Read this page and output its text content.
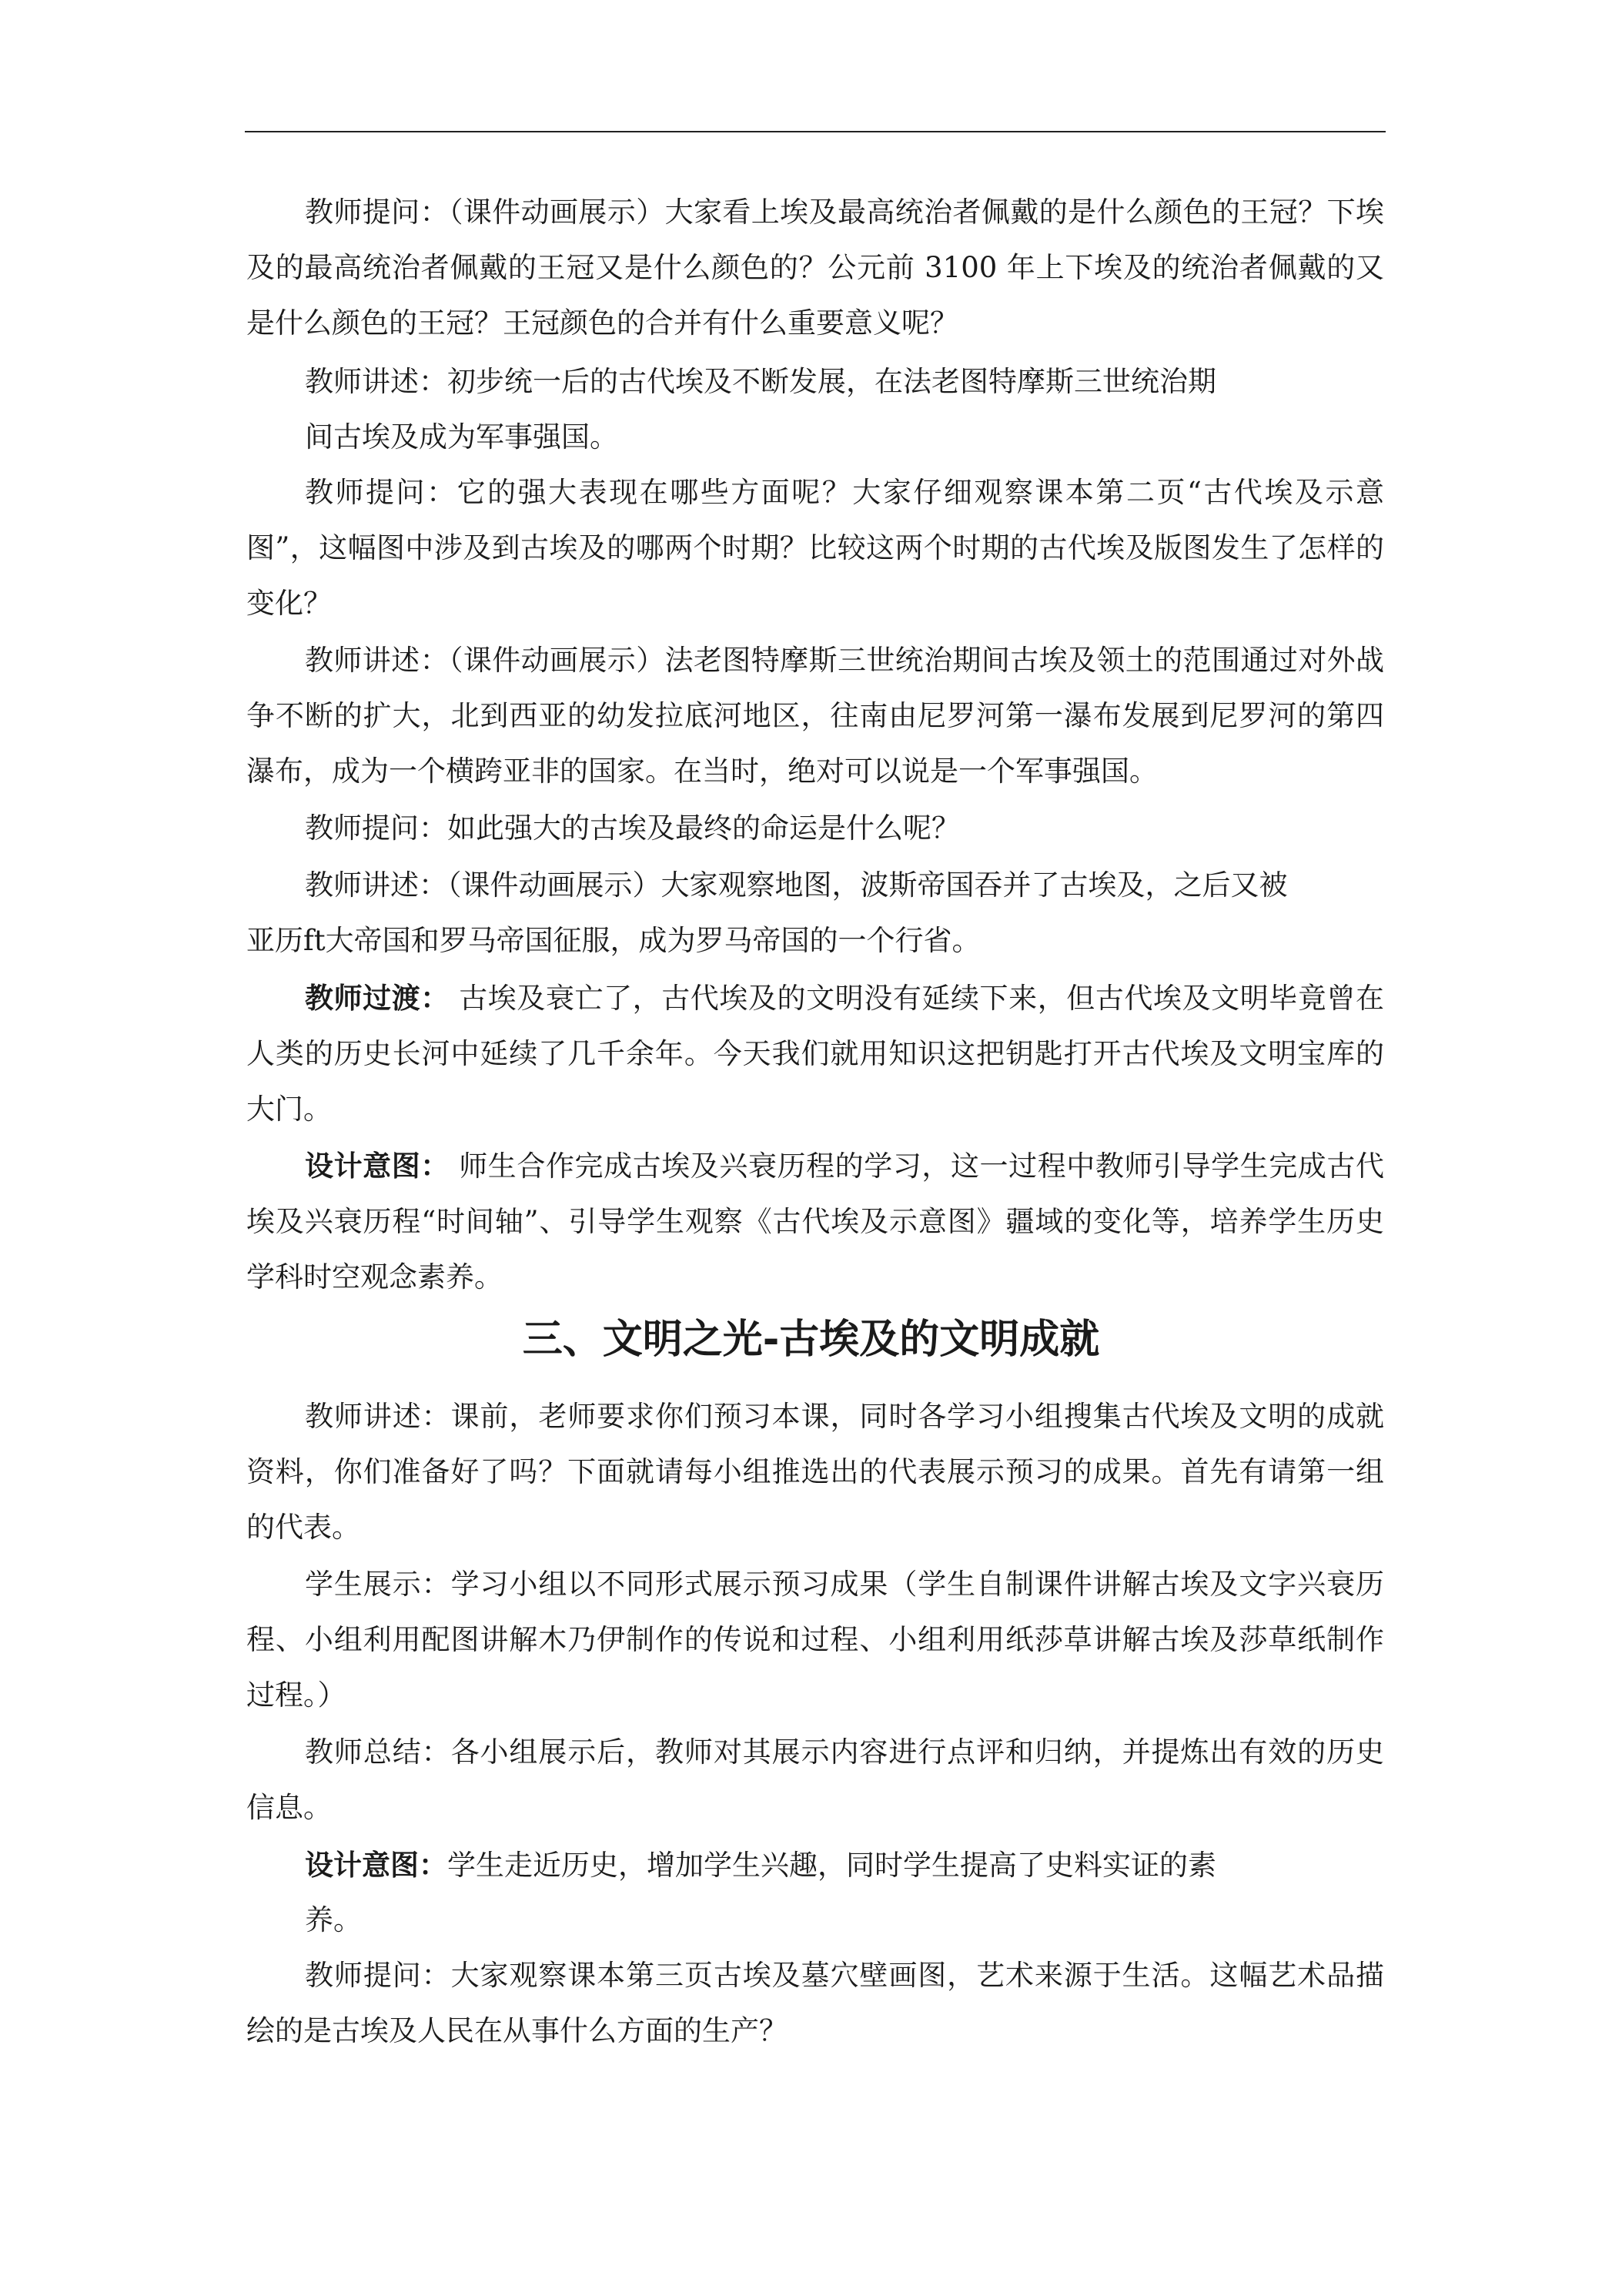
教师提问：（课件动画展示）大家看上埃及最高统治者佩戴的是什么颜色的王冠？下埃及的最高统治者佩戴的王冠又是什么颜色的？公元前 3100 年上下埃及的统治者佩戴的又是什么颜色的王冠？王冠颜色的合并有什么重要意义呢？
教师讲述：初步统一后的古代埃及不断发展，在法老图特摩斯三世统治期
间古埃及成为军事强国。
教师提问：它的强大表现在哪些方面呢？大家仔细观察课本第二页“古代埃及示意图”，这幅图中涉及到古埃及的哪两个时期？比较这两个时期的古代埃及版图发生了怎样的变化？
教师讲述：（课件动画展示）法老图特摩斯三世统治期间古埃及领土的范围通过对外战争不断的扩大，北到西亚的幼发拉底河地区，往南由尼罗河第一瀑布发展到尼罗河的第四瀑布，成为一个横跨亚非的国家。在当时，绝对可以说是一个军事强国。
教师提问：如此强大的古埃及最终的命运是什么呢？
教师讲述：（课件动画展示）大家观察地图，波斯帝国吞并了古埃及，之后又被
亚历ft大帝国和罗马帝国征服，成为罗马帝国的一个行省。
教师过渡： 古埃及衰亡了，古代埃及的文明没有延续下来，但古代埃及文明毕竟曾在人类的历史长河中延续了几千余年。今天我们就用知识这把钥匙打开古代埃及文明宝库的大门。
设计意图： 师生合作完成古埃及兴衰历程的学习，这一过程中教师引导学生完成古代埃及兴衰历程“时间轴”、引导学生观察《古代埃及示意图》疆域的变化等，培养学生历史学科时空观念素养。
三、文明之光-古埃及的文明成就
教师讲述：课前，老师要求你们预习本课，同时各学习小组搜集古代埃及文明的成就资料，你们准备好了吗？下面就请每小组推选出的代表展示预习的成果。首先有请第一组的代表。
学生展示：学习小组以不同形式展示预习成果（学生自制课件讲解古埃及文字兴衰历程、小组利用配图讲解木乃伊制作的传说和过程、小组利用纸莎草讲解古埃及莎草纸制作过程。）
教师总结：各小组展示后，教师对其展示内容进行点评和归纳，并提炼出有效的历史信息。
设计意图：学生走近历史，增加学生兴趣，同时学生提高了史料实证的素
养。
教师提问：大家观察课本第三页古埃及墓穴壁画图，艺术来源于生活。这幅艺术品描绘的是古埃及人民在从事什么方面的生产？
